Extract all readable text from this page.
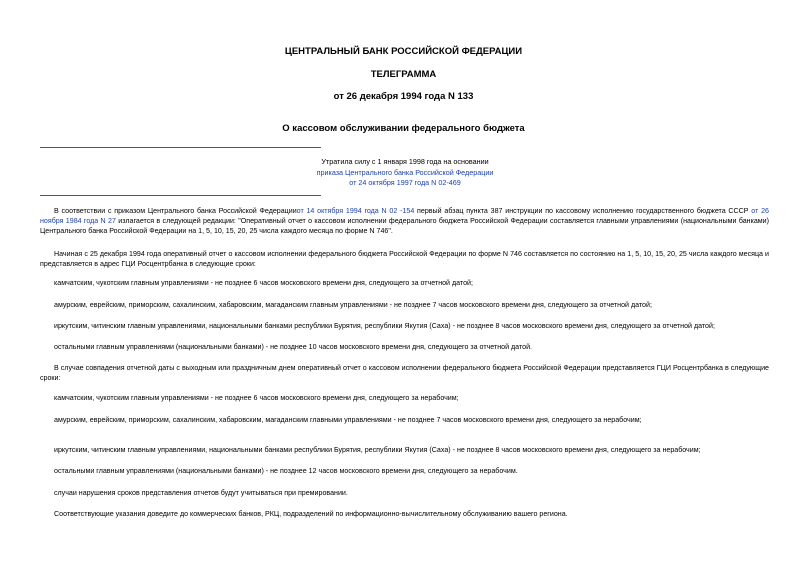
ЦЕНТРАЛЬНЫЙ БАНК РОССИЙСКОЙ ФЕДЕРАЦИИ
ТЕЛЕГРАММА
от 26 декабря 1994 года N 133
О кассовом обслуживании федерального бюджета
Утратила силу с 1 января 1998 года на основании
приказа Центрального банка Российской Федерации
от 24 октября 1997 года N 02-469
В соответствии с приказом Центрального банка Российской Федерацииот 14 октября 1994 года N 02 -154 первый абзац пункта 387 инструкции по кассовому исполнению государственного бюджета СССР от 26 ноября 1984 года N 27 излагается в следующей редакции: "Оперативный отчет о кассовом исполнении федерального бюджета Российской Федерации составляется главными управлениями (национальными банками) Центрального банка Российской Федерации на 1, 5, 10, 15, 20, 25 числа каждого месяца по форме N 746".
Начиная с 25 декабря 1994 года оперативный отчет о кассовом исполнении федерального бюджета Российской Федерации по форме N 746 составляется по состоянию на 1, 5, 10, 15, 20, 25 числа каждого месяца и представляется в адрес ГЦИ Росцентрбанка в следующие сроки:
камчатским, чукотским главным управлениями - не позднее 6 часов московского времени дня, следующего за отчетной датой;
амурским, еврейским, приморским, сахалинским, хабаровским, магаданским главным управлениями - не позднее 7 часов московского времени дня, следующего за отчетной датой;
иркутским, читинским главным управлениями, национальными банками республики Бурятия, республики Якутия (Саха) - не позднее 8 часов московского времени дня, следующего за отчетной датой;
остальными главным управлениями (национальными банками) - не позднее 10 часов московского времени дня, следующего за отчетной датой.
В случае совпадения отчетной даты с выходным или праздничным днем оперативный отчет о кассовом исполнении федерального бюджета Российской Федерации представляется ГЦИ Росцентрбанка в следующие сроки:
камчатским, чукотским главным управлениями - не позднее 6 часов московского времени дня, следующего за нерабочим;
амурским, еврейским, приморским, сахалинским, хабаровским, магаданским главными управлениями - не позднее 7 часов московского времени дня, следующего за нерабочим;
иркутским, читинским главным управлениями, национальными банками республики Бурятия, республики Якутия (Саха) - не позднее 8 часов московского времени дня, следующего за нерабочим;
остальными главным управлениями (национальными банками) - не позднее 12 часов московского времени дня, следующего за нерабочим.
случаи нарушения сроков представления отчетов будут учитываться при премировании.
Соответствующие указания доведите до коммерческих банков, РКЦ, подразделений по информационно-вычислительному обслуживанию вашего региона.
